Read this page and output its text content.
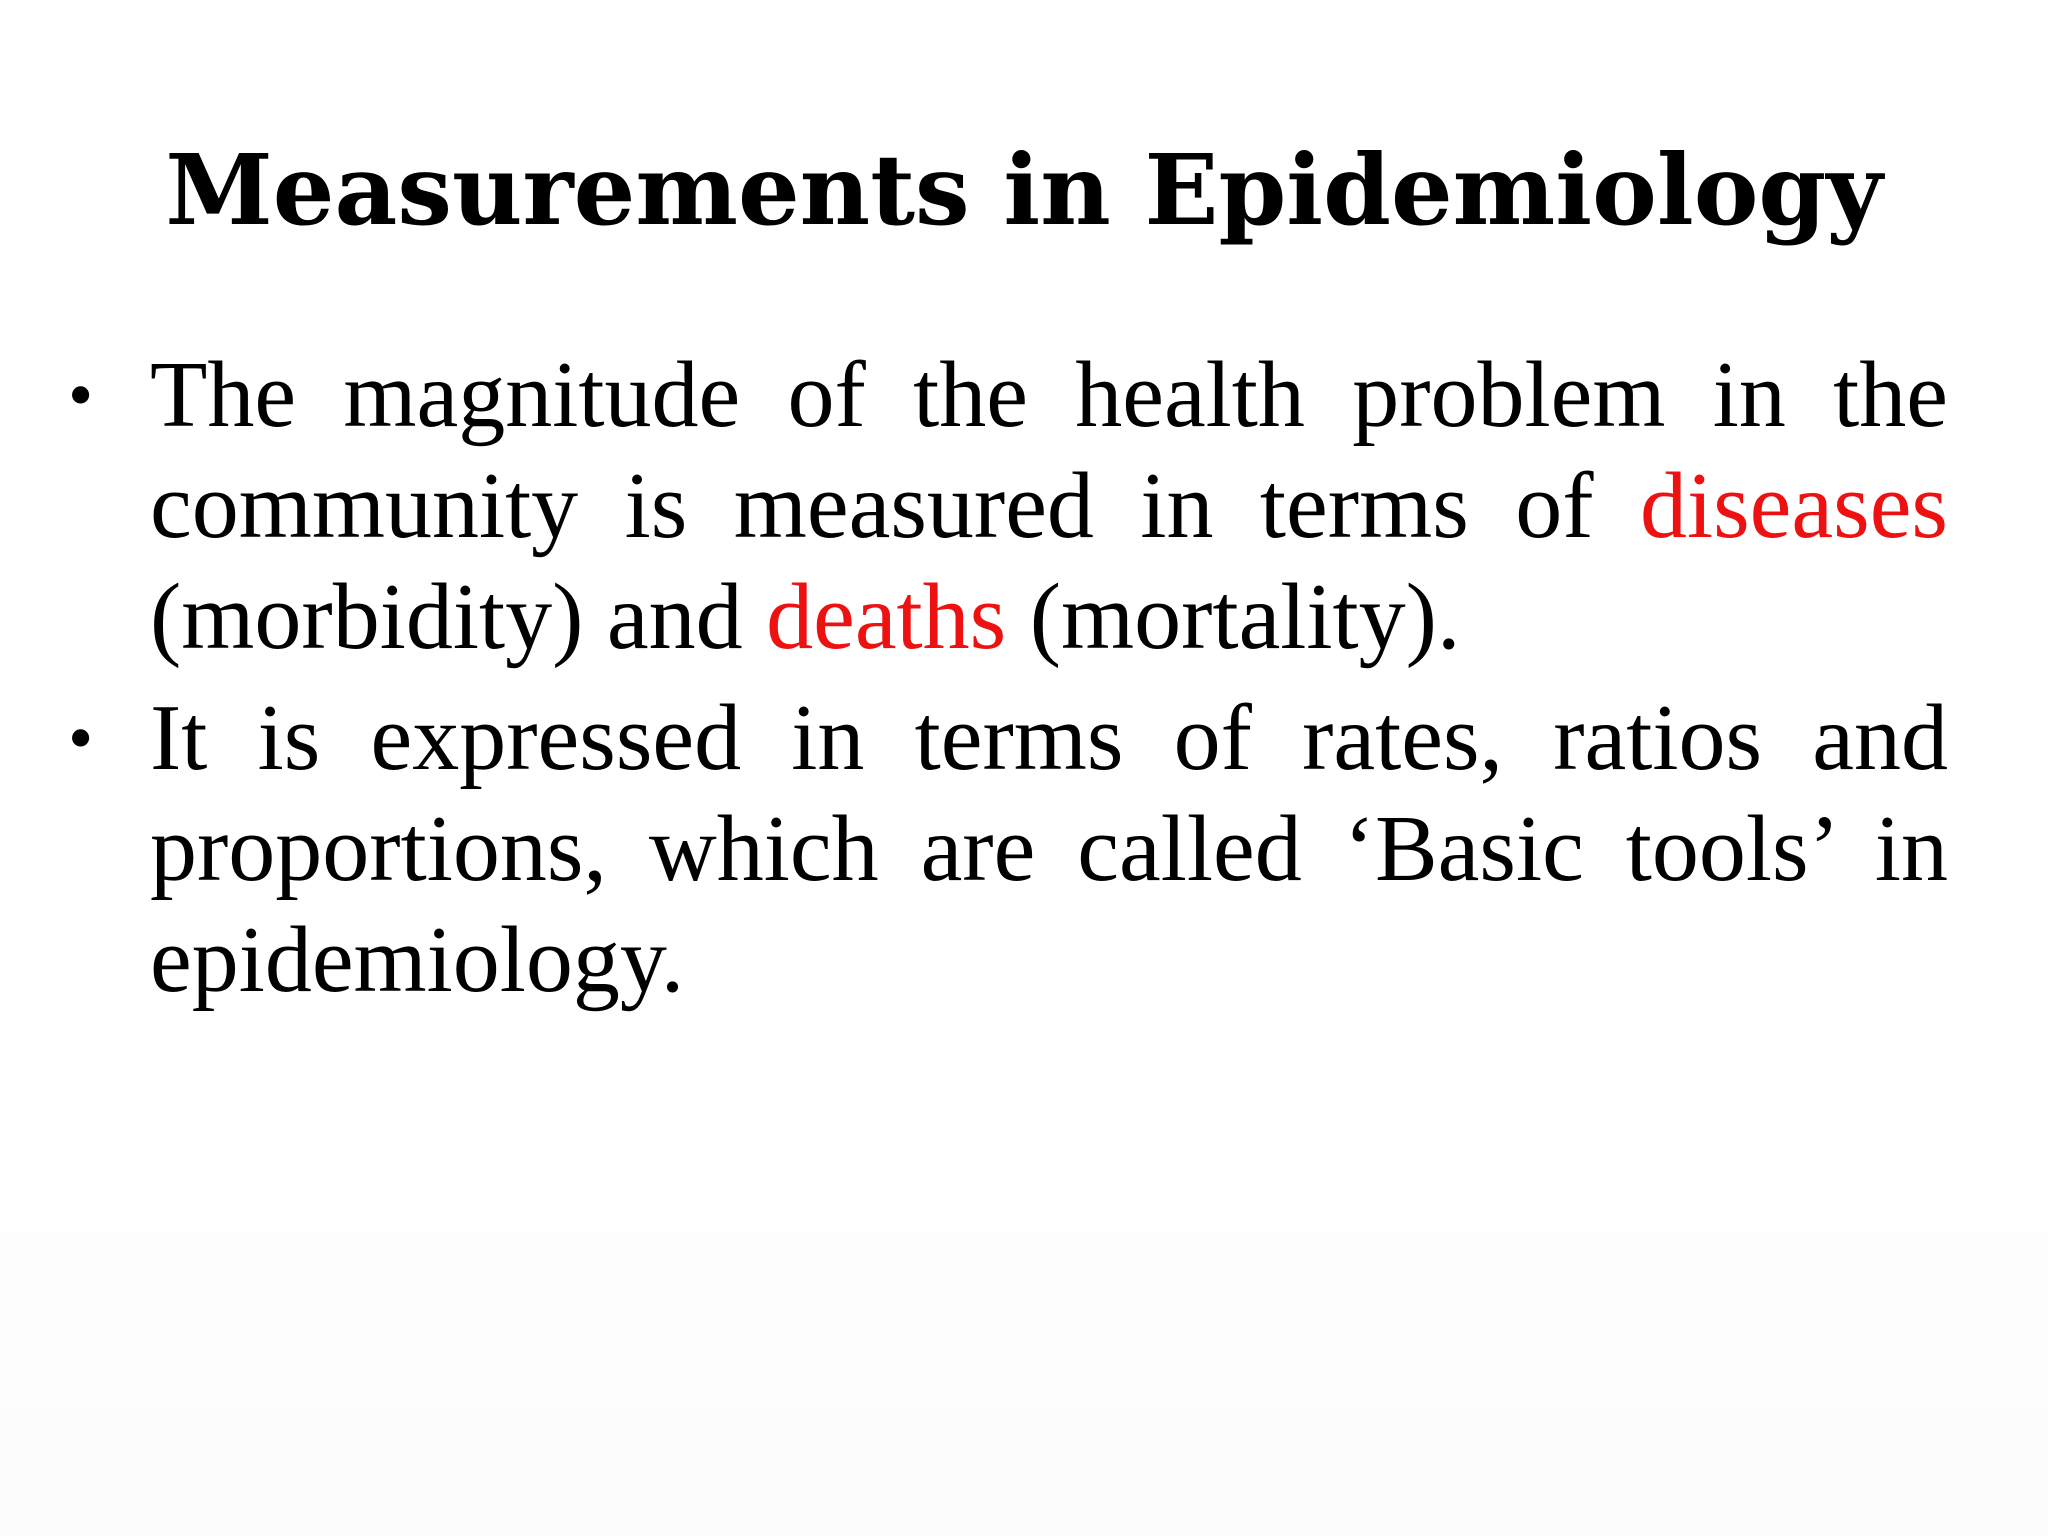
Measurements in Epidemiology
• The magnitude of the health problem in the community is measured in terms of diseases (morbidity) and deaths (mortality).
• It is expressed in terms of rates, ratios and proportions, which are called ‘Basic tools’ in epidemiology.
